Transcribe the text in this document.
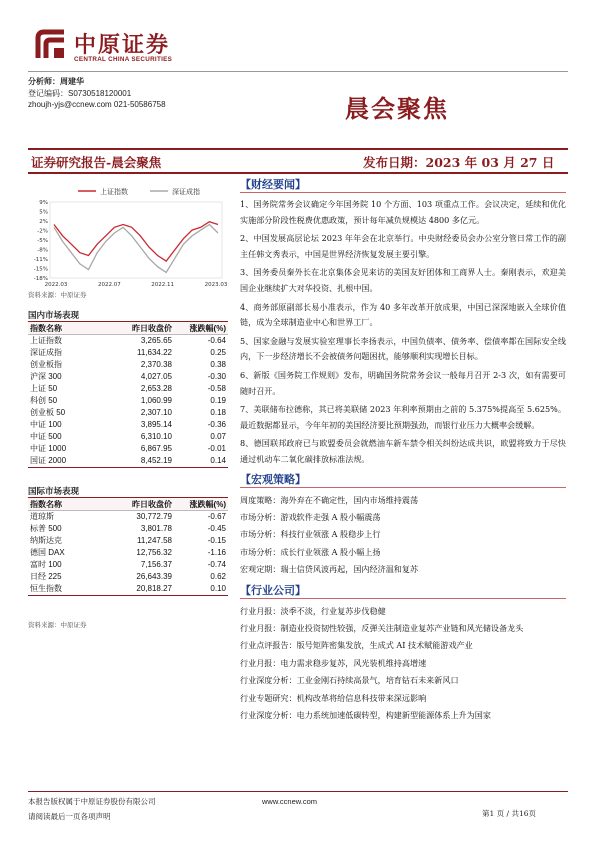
中原证券
CENTRAL CHINA SECURITIES
分析师：周建华
登记编码：S0730518120001
zhoujh-yjs@ccnew.com 021-50586758	晨会聚焦
证券研究报告-晨会聚焦	发布日期：2023 年 03 月 27 日
上证指数	深证成指
9%
5%
2%
-2%
-5%
-8%
-11%
-15%
-18%
2022.03	2022.07	2022.11	2023.03
资料来源：中原证券
国内市场表现
指数名称	昨日收盘价	涨跌幅(%)
上证指数	3,265.65	-0.64
深证成指	11,634.22	0.25
创业板指	2,370.38	0.38
沪深 300	4,027.05	-0.30
上证 50	2,653.28	-0.58
科创 50	1,060.99	0.19
创业板 50	2,307.10	0.18
中证 100	3,895.14	-0.36
中证 500	6,310.10	0.07
中证 1000	6,867.95	-0.01
国证 2000	8,452.19	0.14
国际市场表现
指数名称	昨日收盘价	涨跌幅(%)
道琼斯	30,772.79	-0.67
标普 500	3,801.78	-0.45
纳斯达克	11,247.58	-0.15
德国 DAX	12,756.32	-1.16
富时 100	7,156.37	-0.74
日经 225	26,643.39	0.62
恒生指数	20,818.27	0.10
资料来源：中原证券
【财经要闻】
1、国务院常务会议确定今年国务院 10 个方面、103 项重点工作。会议决定，延续和优化实施部分阶段性税费优惠政策，预计每年减负规模达 4800 多亿元。
2、中国发展高层论坛 2023 年年会在北京举行。中央财经委员会办公室分管日常工作的副主任韩文秀表示，中国是世界经济恢复发展主要引擎。
3、国务委员秦外长在北京集体会见来访的美国友好团体和工商界人士。秦刚表示，欢迎美国企业继续扩大对华投资、扎根中国。
4、商务部原副部长易小准表示，作为 40 多年改革开放成果，中国已深深地嵌入全球价值链，成为全球制造业中心和世界工厂。
5、国家金融与发展实验室理事长李扬表示，中国负债率、债务率、偿债率都在国际安全线内，下一步经济增长不会被债务问题困扰，能够顺利实现增长目标。
6、新版《国务院工作规则》发布，明确国务院常务会议一般每月召开 2-3 次，如有需要可随时召开。
7、美联储布拉德称，其已将美联储 2023 年利率预期由之前的 5.375%提高至 5.625%。最近数据都显示，今年年初的美国经济要比预期强劲，而银行业压力大概率会缓解。
8、德国联邦政府已与欧盟委员会就燃油车新车禁令相关纠纷达成共识，欧盟将致力于尽快通过机动车二氧化碳排放标准法规。
【宏观策略】
周度策略：海外弃在不确定性，国内市场维持震荡
市场分析：游戏软件走强 A 股小幅震荡
市场分析：科技行业领涨 A 股稳步上行
市场分析：成长行业领涨 A 股小幅上扬
宏观定期：瑞士信贷风波再起，国内经济温和复苏
【行业公司】
行业月报：淡季不淡，行业复苏步伐稳健
行业月报：制造业投资韧性较强，反弹关注制造业复苏产业链和风光储设备龙头
行业点评报告：版号矩阵密集发放，生成式 AI 技术赋能游戏产业
行业月报：电力需求稳步复苏，风光装机维持高增速
行业深度分析：工业金刚石持续高景气，培育钻石未来新风口
行业专题研究：机构改革将给信息科技带来深远影响
行业深度分析：电力系统加速低碳转型，构建新型能源体系上升为国家
本报告版权属于中原证券股份有限公司
请阅读最后一页各项声明
www.ccnew.com
第1 页 / 共16页
